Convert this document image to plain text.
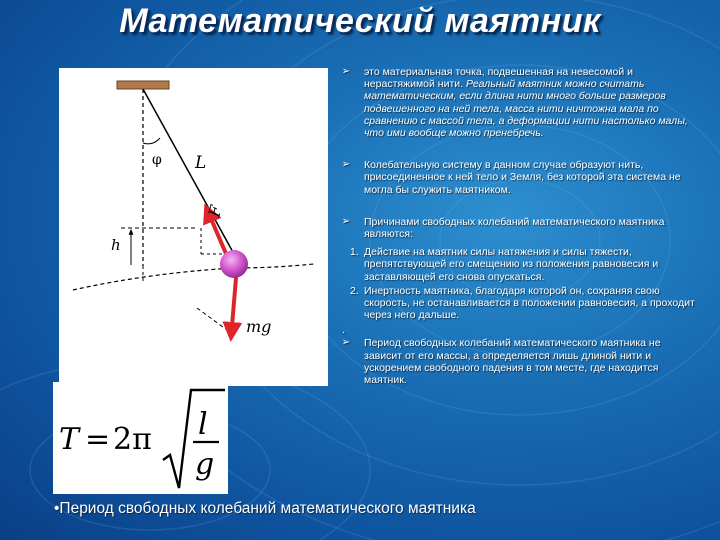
Математический маятник
φ L
h
F
mg
T = 2π l
g
➢ это материальная точка, подвешенная на невесомой и нерастяжимой нити. Реальный маятник можно считать математическим, если длина нити много больше размеров подвешенного на ней тела, масса нити ничтожна мала по сравнению с массой тела, а деформации нити настолько малы, что ими вообще можно пренебречь.
➢ Колебательную систему в данном случае образуют нить, присоединенное к ней тело и Земля, без которой эта система не могла бы служить маятником.
➢ Причинами свободных колебаний математического маятника являются:
1. Действие на маятник силы натяжения и силы тяжести, препятствующей его смещению из положения равновесия и заставляющей его снова опускаться.
2. Инертность маятника, благодаря которой он, сохраняя свою скорость, не останавливается в положении равновесия, а проходит через него дальше.
.
➢ Период свободных колебаний математического маятника не зависит от его массы, а определяется лишь длиной нити и ускорением свободного падения в том месте, где находится маятник.
•Период свободных колебаний математического маятника
